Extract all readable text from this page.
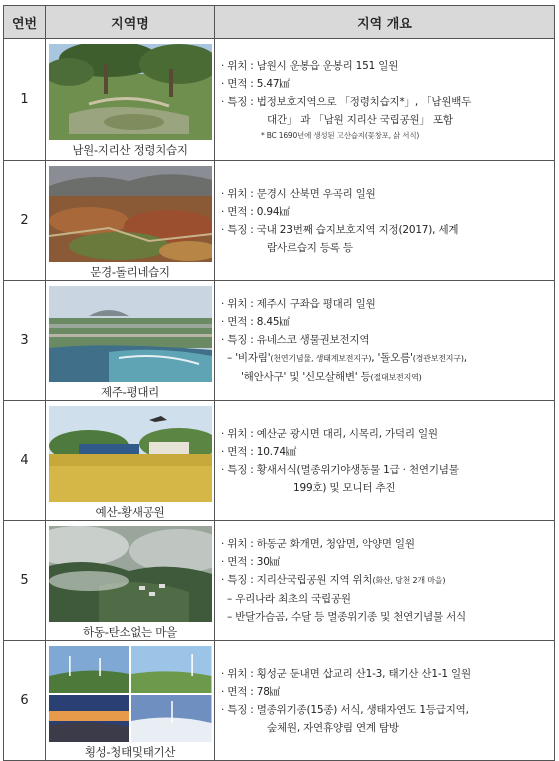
연번	지역명	지역 개요
1	남원-지리산 정령치습지	· 위치 : 남원시 운봉읍 운봉리 151 일원
· 면적 : 5.47㎢
· 특징 : 법정보호지역으로 「정령치습지*」, 「남원백두
대간」 과 「남원 지리산 국립공원」 포함
* BC 1690년에 생성된 고산습지(꽃창포, 삵 서식)

2	문경-돌리네습지	· 위치 : 문경시 산북면 우곡리 일원
· 면적 : 0.94㎢
· 특징 : 국내 23번째 습지보호지역 지정(2017), 세계
람사르습지 등록 등

3	제주-평대리	· 위치 : 제주시 구좌읍 평대리 일원
· 면적 : 8.45㎢
· 특징 : 유네스코 생물권보전지역
– '비자림'(천연기념물, 생태계보전지구), '돌오름'(경관보전지구),
'해안사구' 및 '신모살해변' 등(절대보전지역)

4	예산-황새공원	· 위치 : 예산군 광시면 대리, 시목리, 가덕리 일원
· 면적 : 10.74㎢
· 특징 : 황새서식(멸종위기야생동물 1급 · 천연기념물
199호) 및 모니터 추진

5	하동-탄소없는 마을	· 위치 : 하동군 화개면, 청암면, 악양면 일원
· 면적 : 30㎢
· 특징 : 지리산국립공원 지역 위치(화산, 당천 2개 마을)
– 우리나라 최초의 국립공원
– 반달가슴곰, 수달 등 멸종위기종 및 천연기념물 서식

6	횡성-청태및태기산	· 위치 : 횡성군 둔내면 삽교리 산1-3, 태기산 산1-1 일원
· 면적 : 78㎢
· 특징 : 멸종위기종(15종) 서식, 생태자연도 1등급지역,
숲체원, 자연휴양림 연계 탐방
